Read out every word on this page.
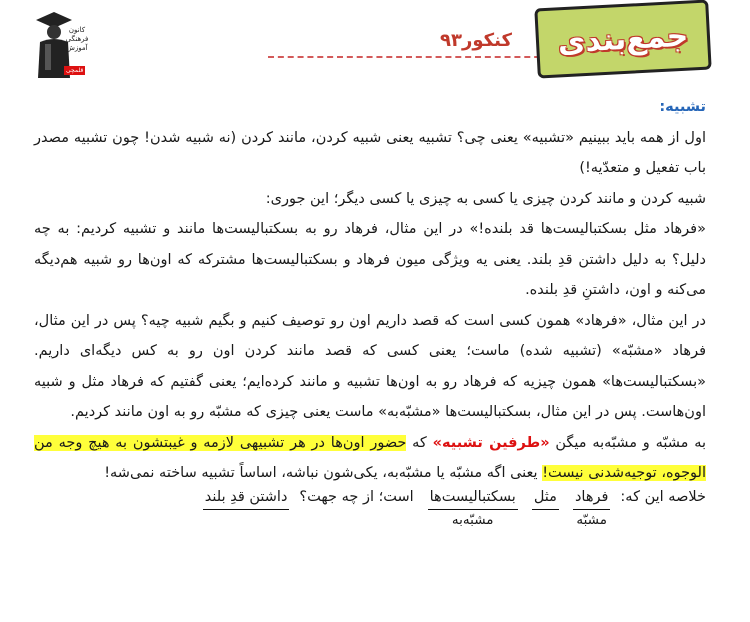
کانون
فرهنگی
آموزش
قلمچی
کنکور۹۳ جمع‌بندی
تشبیه:
اول از همه باید ببینیم «تشبیه» یعنی چی؟ تشبیه یعنی شبیه کردن، مانند کردن (نه شبیه شدن! چون تشبیه مصدر باب تفعیل و متعدّیه!)
شبیه کردن و مانند کردن چیزی یا کسی به چیزی یا کسی دیگر؛ این جوری:
«فرهاد مثل بسکتبالیست‌ها قد بلنده!» در این مثال، فرهاد رو به بسکتبالیست‌ها مانند و تشبیه کردیم: به چه دلیل؟ به دلیل داشتن قدِ بلند. یعنی یه ویژگی میون فرهاد و بسکتبالیست‌ها مشترکه که اون‌ها رو شبیه هم‌دیگه می‌کنه و اون، داشتنِ قدِ بلنده.
در این مثال، «فرهاد» همون کسی است که قصد داریم اون رو توصیف کنیم و بگیم شبیه چیه؟ پس در این مثال، فرهاد «مشبّه» (تشبیه شده) ماست؛ یعنی کسی که قصد مانند کردن اون رو به کس دیگه‌ای داریم. «بسکتبالیست‌ها» همون چیزیه که فرهاد رو به اون‌ها تشبیه و مانند کرده‌ایم؛ یعنی گفتیم که فرهاد مثل و شبیه اون‌هاست. پس در این مثال، بسکتبالیست‌ها «مشبّه‌به» ماست یعنی چیزی که مشبّه رو به اون مانند کردیم.
به مشبّه و مشبّه‌به میگن «طرفین تشبیه» که حضور اون‌ها در هر تشبیهی لازمه و غیبتشون به هیچ وجه من الوجوه، توجیه‌شدنی نیست! یعنی اگه مشبّه یا مشبّه‌به، یکی‌شون نباشه، اساساً تشبیه ساخته نمی‌شه!
خلاصه این که:
فرهاد
مشبّه
مثل
بسکتبالیست‌ها
مشبّه‌به
است؛ از چه جهت؟
داشتن قدِ بلند
